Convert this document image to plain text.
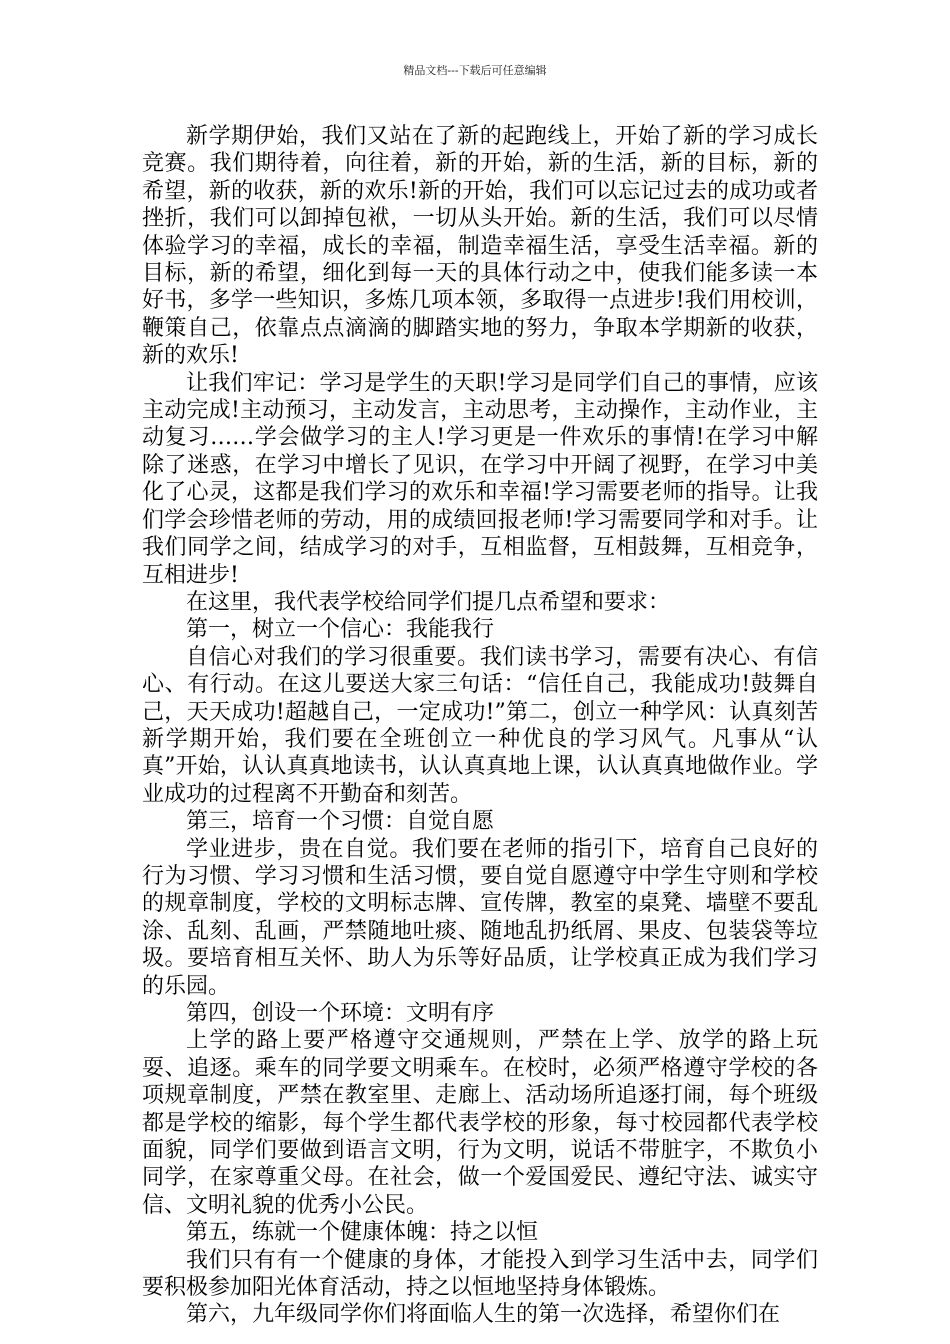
精品文档---下载后可任意编辑

新学期伊始，我们又站在了新的起跑线上，开始了新的学习成长竞赛。我们期待着，向往着，新的开始，新的生活，新的目标，新的希望，新的收获，新的欢乐!新的开始，我们可以忘记过去的成功或者挫折，我们可以卸掉包袱，一切从头开始。新的生活，我们可以尽情体验学习的幸福，成长的幸福，制造幸福生活，享受生活幸福。新的目标，新的希望，细化到每一天的具体行动之中，使我们能多读一本好书，多学一些知识，多炼几项本领，多取得一点进步!我们用校训，鞭策自己，依靠点点滴滴的脚踏实地的努力，争取本学期新的收获，新的欢乐!

让我们牢记：学习是学生的天职!学习是同学们自己的事情，应该主动完成!主动预习，主动发言，主动思考，主动操作，主动作业，主动复习……学会做学习的主人!学习更是一件欢乐的事情!在学习中解除了迷惑，在学习中增长了见识，在学习中开阔了视野，在学习中美化了心灵，这都是我们学习的欢乐和幸福!学习需要老师的指导。让我们学会珍惜老师的劳动，用的成绩回报老师!学习需要同学和对手。让我们同学之间，结成学习的对手，互相监督，互相鼓舞，互相竞争，互相进步!

在这里，我代表学校给同学们提几点希望和要求：

第一，树立一个信心：我能我行

自信心对我们的学习很重要。我们读书学习，需要有决心、有信心、有行动。在这儿要送大家三句话：“信任自己，我能成功!鼓舞自己，天天成功!超越自己，一定成功!”第二，创立一种学风：认真刻苦新学期开始，我们要在全班创立一种优良的学习风气。凡事从“认真”开始，认认真真地读书，认认真真地上课，认认真真地做作业。学业成功的过程离不开勤奋和刻苦。

第三，培育一个习惯：自觉自愿

学业进步，贵在自觉。我们要在老师的指引下，培育自己良好的行为习惯、学习习惯和生活习惯，要自觉自愿遵守中学生守则和学校的规章制度，学校的文明标志牌、宣传牌，教室的桌凳、墙壁不要乱涂、乱刻、乱画，严禁随地吐痰、随地乱扔纸屑、果皮、包装袋等垃圾。要培育相互关怀、助人为乐等好品质，让学校真正成为我们学习的乐园。

第四，创设一个环境：文明有序

上学的路上要严格遵守交通规则，严禁在上学、放学的路上玩耍、追逐。乘车的同学要文明乘车。在校时，必须严格遵守学校的各项规章制度，严禁在教室里、走廊上、活动场所追逐打闹，每个班级都是学校的缩影，每个学生都代表学校的形象，每寸校园都代表学校面貌，同学们要做到语言文明，行为文明，说话不带脏字，不欺负小同学，在家尊重父母。在社会，做一个爱国爱民、遵纪守法、诚实守信、文明礼貌的优秀小公民。

第五，练就一个健康体魄：持之以恒

我们只有有一个健康的身体，才能投入到学习生活中去，同学们要积极参加阳光体育活动，持之以恒地坚持身体锻炼。

第六，九年级同学你们将面临人生的第一次选择，希望你们在
